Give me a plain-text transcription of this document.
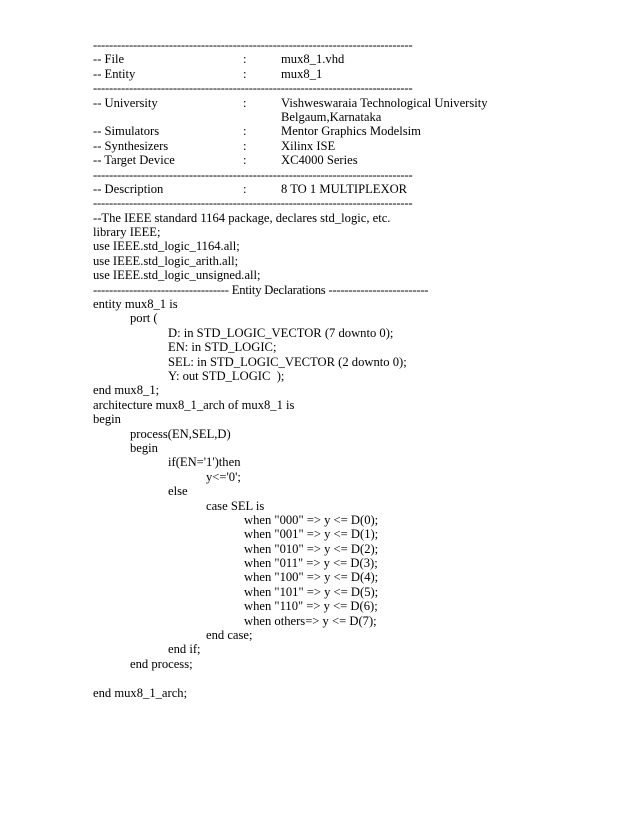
--------------------------------------------------------------------------------
-- File	:	mux8_1.vhd
-- Entity	:	mux8_1
--------------------------------------------------------------------------------
-- University	:	Vishweswaraia Technological University
Belgaum,Karnataka
-- Simulators	:	Mentor Graphics Modelsim
-- Synthesizers	:	Xilinx ISE
-- Target Device	:	XC4000 Series
--------------------------------------------------------------------------------
-- Description	:	8 TO 1 MULTIPLEXOR
--------------------------------------------------------------------------------
--The IEEE standard 1164 package, declares std_logic, etc.
library IEEE;
use IEEE.std_logic_1164.all;
use IEEE.std_logic_arith.all;
use IEEE.std_logic_unsigned.all;
---------------------------------- Entity Declarations -------------------------
entity mux8_1 is
port (
D: in STD_LOGIC_VECTOR (7 downto 0);
EN: in STD_LOGIC;
SEL: in STD_LOGIC_VECTOR (2 downto 0);
Y: out STD_LOGIC  );
end mux8_1;
architecture mux8_1_arch of mux8_1 is
begin
process(EN,SEL,D)
begin
if(EN='1')then
y<='0';
else
case SEL is
when "000" => y <= D(0);
when "001" => y <= D(1);
when "010" => y <= D(2);
when "011" => y <= D(3);
when "100" => y <= D(4);
when "101" => y <= D(5);
when "110" => y <= D(6);
when others=> y <= D(7);
end case;
end if;
end process;
end mux8_1_arch;
